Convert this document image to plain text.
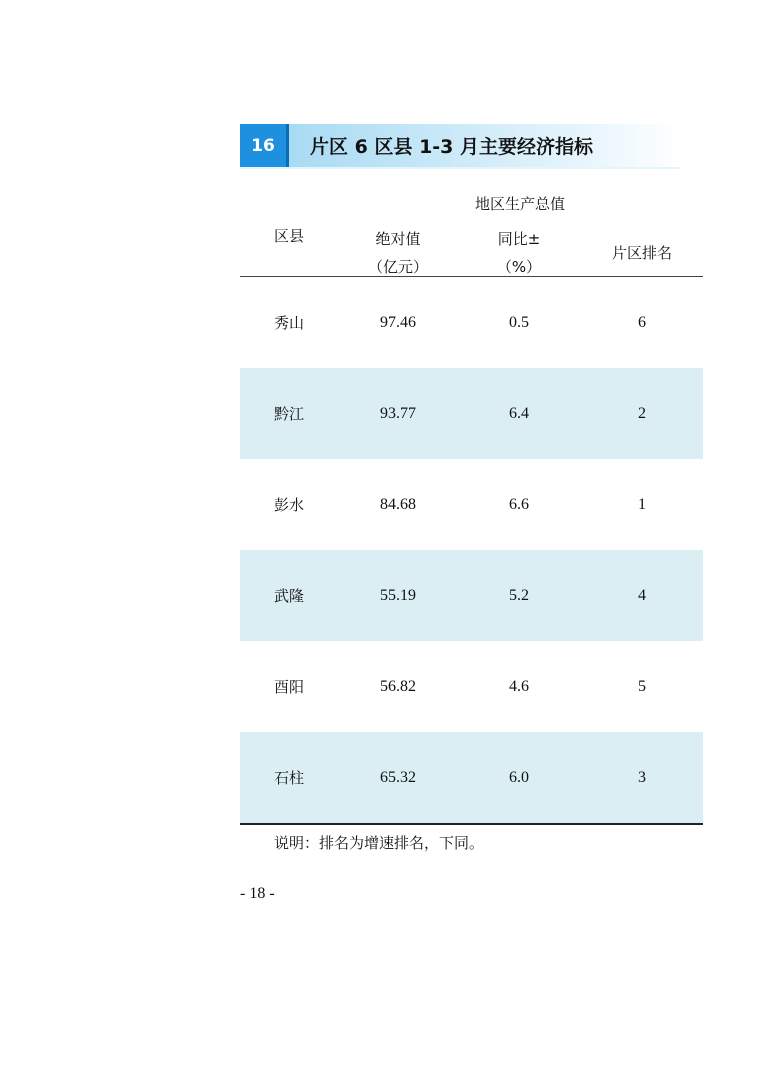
16	片区 6 区县 1-3 月主要经济指标
地区生产总值
区县	绝对值
（亿元）
同比±
（%）
片区排名
秀山	97.46	0.5	6
黔江	93.77	6.4	2
彭水	84.68	6.6	1
武隆	55.19	5.2	4
酉阳	56.82	4.6	5
石柱	65.32	6.0	3
说明：排名为增速排名，下同。
- 18 -
